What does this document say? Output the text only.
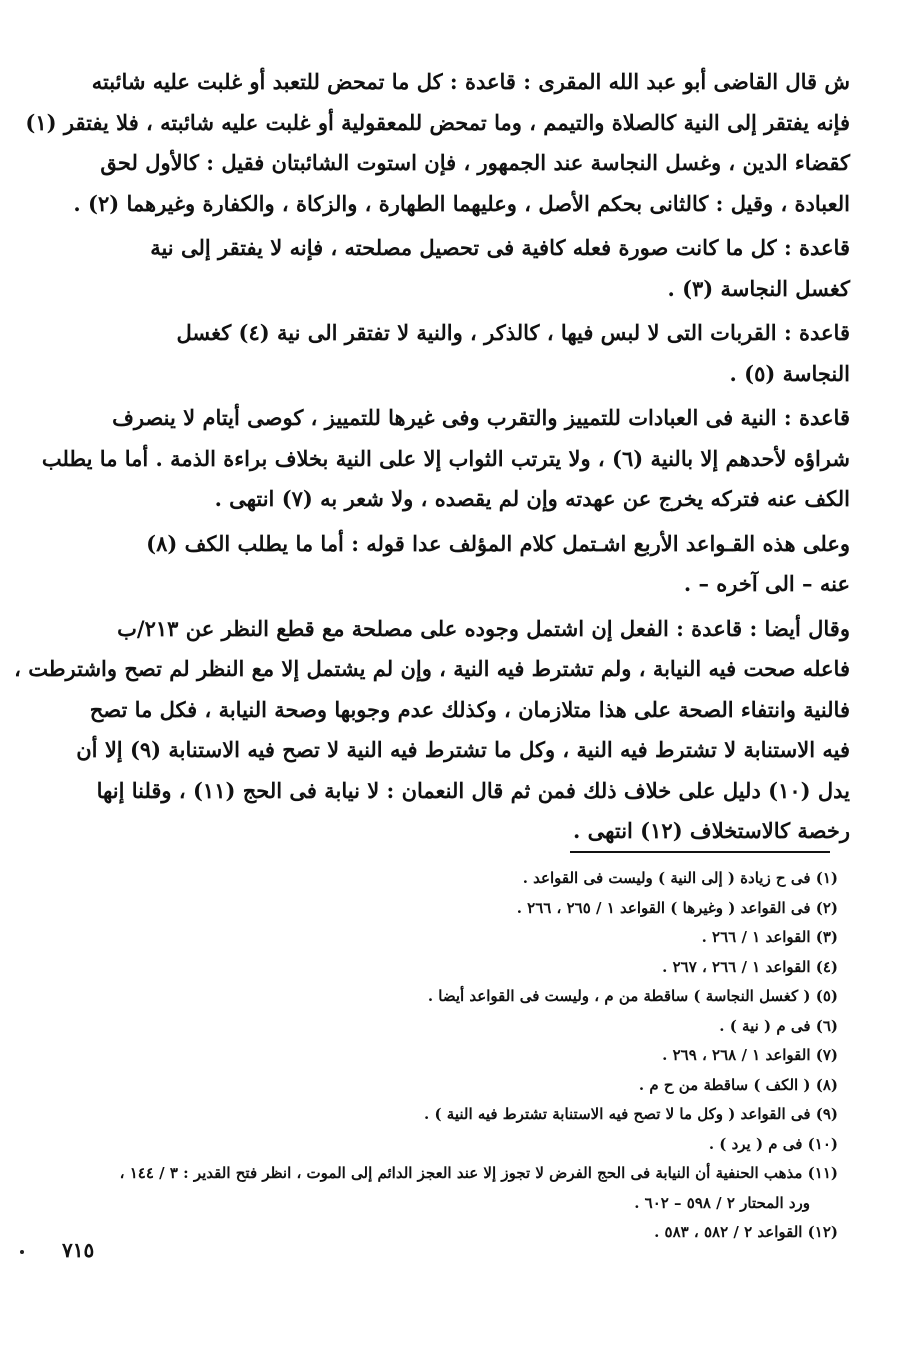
ش قال القاضى أبو عبد الله المقرى : قاعدة : كل ما تمحض للتعبد أو غلبت عليه شائبته
فإنه يفتقر إلى النية كالصلاة والتيمم ، وما تمحض للمعقولية أو غلبت عليه شائبته ، فلا يفتقر (١)
كقضاء الدين ، وغسل النجاسة عند الجمهور ، فإن استوت الشائبتان فقيل : كالأول لحق
العبادة ، وقيل : كالثانى بحكم الأصل ، وعليهما الطهارة ، والزكاة ، والكفارة وغيرهما (٢) .
قاعدة : كل ما كانت صورة فعله كافية فى تحصيل مصلحته ، فإنه لا يفتقر إلى نية
كغسل النجاسة (٣) .
قاعدة : القربات التى لا لبس فيها ، كالذكر ، والنية لا تفتقر الى نية (٤) كغسل
النجاسة (٥) .
قاعدة : النية فى العبادات للتمييز والتقرب وفى غيرها للتمييز ، كوصى أيتام لا ينصرف
شراؤه لأحدهم إلا بالنية (٦) ، ولا يترتب الثواب إلا على النية بخلاف براءة الذمة . أما ما يطلب
الكف عنه فتركه يخرج عن عهدته وإن لم يقصده ، ولا شعر به (٧) انتهى .
وعلى هذه القـواعد الأربع اشـتمل كلام المؤلف عدا قوله : أما ما يطلب الكف (٨)
عنه – الى آخره – .
وقال أيضا : قاعدة : الفعل إن اشتمل وجوده على مصلحة مع قطع النظر عن ٢١٣/ب
فاعله صحت فيه النيابة ، ولم تشترط فيه النية ، وإن لم يشتمل إلا مع النظر لم تصح واشترطت ،
فالنية وانتفاء الصحة على هذا متلازمان ، وكذلك عدم وجوبها وصحة النيابة ، فكل ما تصح
فيه الاستنابة لا تشترط فيه النية ، وكل ما تشترط فيه النية لا تصح فيه الاستنابة (٩) إلا أن
يدل (١٠) دليل على خلاف ذلك فمن ثم قال النعمان : لا نيابة فى الحج (١١) ، وقلنا إنها
رخصة كالاستخلاف (١٢) انتهى .
(١) فى ح زيادة ( إلى النية ) وليست فى القواعد .
(٢) فى القواعد ( وغيرها ) القواعد ١ / ٢٦٥ ، ٢٦٦ .
(٣) القواعد ١ / ٢٦٦ .
(٤) القواعد ١ / ٢٦٦ ، ٢٦٧ .
(٥) ( كغسل النجاسة ) ساقطة من م ، وليست فى القواعد أيضا .
(٦) فى م ( نية ) .
(٧) القواعد ١ / ٢٦٨ ، ٢٦٩ .
(٨) ( الكف ) ساقطة من ح م .
(٩) فى القواعد ( وكل ما لا تصح فيه الاستنابة تشترط فيه النية ) .
(١٠) فى م ( يرد ) .
(١١) مذهب الحنفية أن النيابة فى الحج الفرض لا تجوز إلا عند العجز الدائم إلى الموت ، انظر فتح القدير : ٣ / ١٤٤ ،
ورد المحتار ٢ / ٥٩٨ – ٦٠٢ .
(١٢) القواعد ٢ / ٥٨٢ ، ٥٨٣ .
٧١٥
